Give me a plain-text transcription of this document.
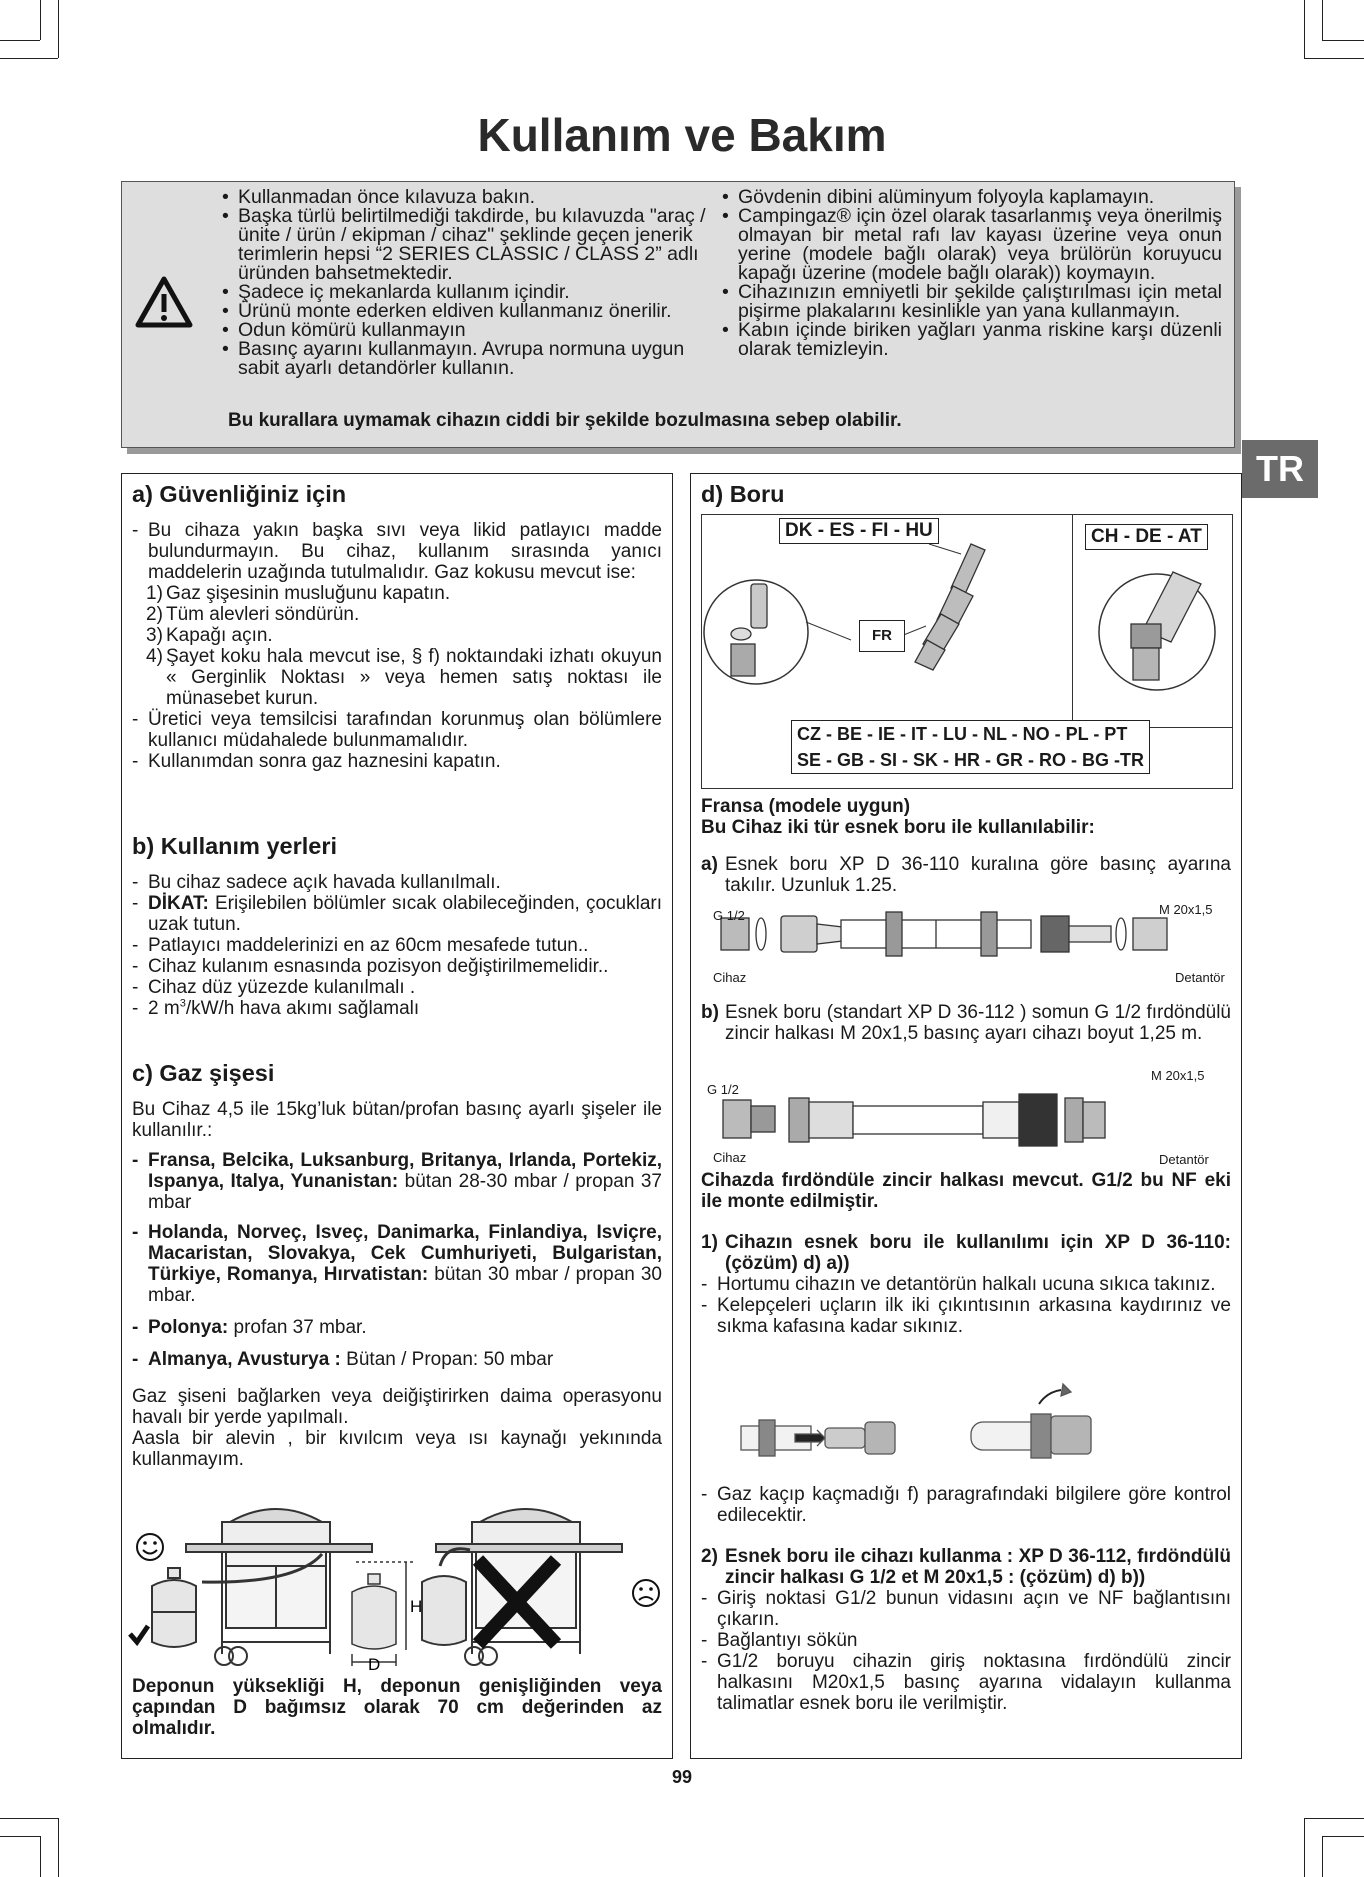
Kullanım ve Bakım
• Kullanmadan önce kılavuza bakın.
• Başka türlü belirtilmediği takdirde, bu kılavuzda "araç / ünite / ürün / ekipman / cihaz" şeklinde geçen jenerik terimlerin hepsi “2 SERIES CLASSIC / CLASS 2” adlı üründen bahsetmektedir.
• Şadece iç mekanlarda kullanım içindir.
• Ürünü monte ederken eldiven kullanmanız önerilir.
• Odun kömürü kullanmayın
• Basınç ayarını kullanmayın. Avrupa normuna uygun sabit ayarlı detandörler kullanın.
• Gövdenin dibini alüminyum folyoyla kaplamayın.
• Campingaz® için özel olarak tasarlanmış veya önerilmiş olmayan bir metal rafı lav kayası üzerine veya onun yerine (modele bağlı olarak) veya brülörün koruyucu kapağı üzerine (modele bağlı olarak)) koymayın.
• Cihazınızın emniyetli bir şekilde çalıştırılması için metal pişirme plakalarını kesinlikle yan yana kullanmayın.
• Kabın içinde biriken yağları yanma riskine karşı düzenli olarak temizleyin.
Bu kurallara uymamak cihazın ciddi bir şekilde bozulmasına sebep olabilir.
TR
a) Güvenliğiniz için
- Bu cihaza yakın başka sıvı veya likid patlayıcı madde bulundurmayın. Bu cihaz, kullanım sırasında yanıcı maddelerin uzağında tutulmalıdır. Gaz kokusu mevcut ise:
1) Gaz şişesinin musluğunu kapatın.
2) Tüm alevleri söndürün.
3) Kapağı açın.
4) Şayet koku hala mevcut ise, § f) noktaındaki izhatı okuyun « Gerginlik Noktası » veya hemen satış noktası ile münasebet kurun.
- Üretici veya temsilcisi tarafından korunmuş olan bölümlere kullanıcı müdahalede bulunmamalıdır.
- Kullanımdan sonra gaz haznesini kapatın.
b) Kullanım yerleri
- Bu cihaz sadece açık havada kullanılmalı.
- DİKAT: Erişilebilen bölümler sıcak olabileceğinden, çocukları uzak tutun.
- Patlayıcı maddelerinizi en az 60cm mesafede tutun..
- Cihaz kulanım esnasında pozisyon değiştirilmemelidir..
- Cihaz düz yüzezde kulanılmalı .
- 2 $m^3/kW/h$ hava akımı sağlamalı
c) Gaz şişesi
Bu Cihaz 4,5 ile 15kg’luk bütan/profan basınç ayarlı şişeler ile kullanılır.:
- Fransa, Belcika, Luksanburg, Britanya, Irlanda, Portekiz, Ispanya, Italya, Yunanistan: bütan 28-30 mbar / propan 37 mbar
- Holanda, Norveç, Isveç, Danimarka, Finlandiya, Isviçre, Macaristan, Slovakya, Cek Cumhuriyeti, Bulgaristan, Türkiye, Romanya, Hırvatistan: bütan 30 mbar / propan 30 mbar.
- Polonya: profan 37 mbar.
- Almanya, Avusturya : Bütan / Propan: 50 mbar
Gaz şiseni bağlarken veya deiğiştirirken daima operasyonu havalı bir yerde yapılmalı.
Aasla bir alevin , bir kıvılcım veya ısı kaynağı yekınında kullanmayım.
H
D
Deponun yüksekliği H, deponun genişliğinden veya çapından D bağımsız olarak 70 cm değerinden az olmalıdır.
d) Boru
DK - ES - FI - HU	CH - DE - AT
FR
CZ - BE - IE - IT - LU - NL - NO - PL - PT
SE - GB - SI - SK - HR - GR - RO - BG -TR
Fransa (modele uygun)
Bu Cihaz iki tür esnek boru ile kullanılabilir:
a) Esnek boru XP D 36-110 kuralına göre basınç ayarına takılır. Uzunluk 1.25.
G 1/2	M 20x1,5
Cihaz	Detantör
b) Esnek boru (standart XP D 36-112 ) somun G 1/2 fırdöndülü zincir halkası M 20x1,5 basınç ayarı cihazı boyut 1,25 m.
G 1/2
M 20x1,5
Cihaz	Detantör
Cihazda fırdöndüle zincir halkası mevcut. G1/2 bu NF eki ile monte edilmiştir.
1) Cihazın esnek boru ile kullanılımı için XP D 36-110: (çözüm) d) a))
- Hortumu cihazın ve detantörün halkalı ucuna sıkıca takınız.
- Kelepçeleri uçların ilk iki çıkıntısının arkasına kaydırınız ve sıkma kafasına kadar sıkınız.
- Gaz kaçıp kaçmadığı f) paragrafındaki bilgilere göre kontrol edilecektir.
2) Esnek boru ile cihazı kullanma : XP D 36-112, fırdöndülü zincir halkası G 1/2 et M 20x1,5 : (çözüm) d) b))
- Giriş noktasi G1/2 bunun vidasını açın ve NF bağlantısını çıkarın.
- Bağlantıyı sökün
- G1/2 boruyu cihazin giriş noktasına fırdöndülü zincir halkasını M20x1,5 basınç ayarına vidalayın kullanma talimatlar esnek boru ile verilmiştir.
99
